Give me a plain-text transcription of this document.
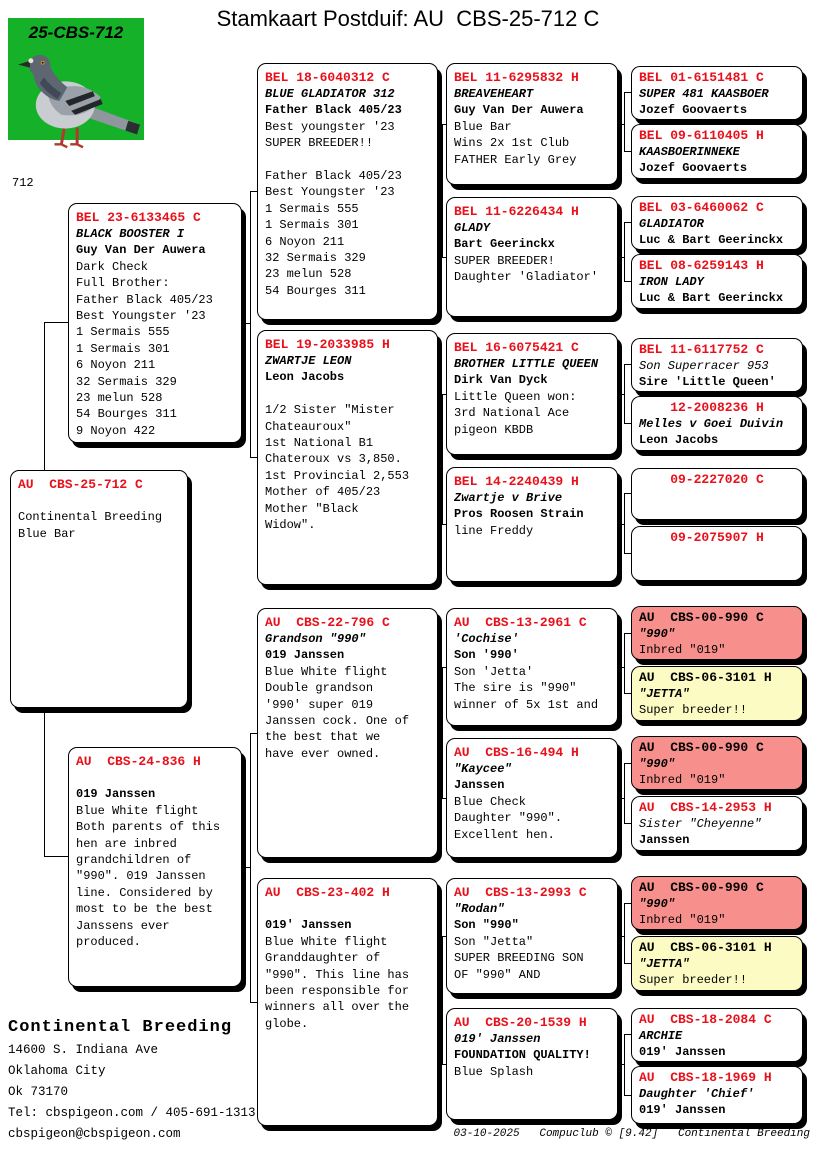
Stamkaart Postduif: AU  CBS-25-712 C
25-CBS-712
712
AU  CBS-25-712 C
Continental Breeding
Blue Bar
BEL 23-6133465 C
BLACK BOOSTER I
Guy Van Der Auwera
Dark Check
Full Brother:
Father Black 405/23
Best Youngster '23
1 Sermais 555
1 Sermais 301
6 Noyon 211
32 Sermais 329
23 melun 528
54 Bourges 311
9 Noyon 422
AU  CBS-24-836 H
019 Janssen
Blue White flight
Both parents of this
hen are inbred
grandchildren of
"990". 019 Janssen
line. Considered by
most to be the best
Janssens ever
produced.
BEL 18-6040312 C
BLUE GLADIATOR 312
Father Black 405/23
Best youngster '23
SUPER BREEDER!!
Father Black 405/23
Best Youngster '23
1 Sermais 555
1 Sermais 301
6 Noyon 211
32 Sermais 329
23 melun 528
54 Bourges 311
BEL 19-2033985 H
ZWARTJE LEON
Leon Jacobs
1/2 Sister "Mister
Chateauroux"
1st National B1
Chateroux vs 3,850.
1st Provincial 2,553
Mother of 405/23
Mother "Black
Widow".
AU  CBS-22-796 C
Grandson "990"
019 Janssen
Blue White flight
Double grandson
'990' super 019
Janssen cock. One of
the best that we
have ever owned.
AU  CBS-23-402 H
019' Janssen
Blue White flight
Granddaughter of
"990". This line has
been responsible for
winners all over the
globe.
BEL 11-6295832 H
BREAVEHEART
Guy Van Der Auwera
Blue Bar
Wins 2x 1st Club
FATHER Early Grey
BEL 11-6226434 H
GLADY
Bart Geerinckx
SUPER BREEDER!
Daughter 'Gladiator'
BEL 16-6075421 C
BROTHER LITTLE QUEEN
Dirk Van Dyck
Little Queen won:
3rd National Ace
pigeon KBDB
BEL 14-2240439 H
Zwartje v Brive
Pros Roosen Strain
line Freddy
AU  CBS-13-2961 C
'Cochise'
Son '990'
Son 'Jetta'
The sire is "990"
winner of 5x 1st and
AU  CBS-16-494 H
"Kaycee"
Janssen
Blue Check
Daughter "990".
Excellent hen.
AU  CBS-13-2993 C
"Rodan"
Son "990"
Son "Jetta"
SUPER BREEDING SON
OF "990" AND
AU  CBS-20-1539 H
019' Janssen
FOUNDATION QUALITY!
Blue Splash
BEL 01-6151481 C
SUPER 481 KAASBOER
Jozef Goovaerts
BEL 09-6110405 H
KAASBOERINNEKE
Jozef Goovaerts
BEL 03-6460062 C
GLADIATOR
Luc & Bart Geerinckx
BEL 08-6259143 H
IRON LADY
Luc & Bart Geerinckx
BEL 11-6117752 C
Son Superracer 953
Sire 'Little Queen'
12-2008236 H
Melles v Goei Duivin
Leon Jacobs
09-2227020 C
09-2075907 H
AU  CBS-00-990 C
"990"
Inbred "019"
AU  CBS-06-3101 H
"JETTA"
Super breeder!!
AU  CBS-00-990 C
"990"
Inbred "019"
AU  CBS-14-2953 H
Sister "Cheyenne"
Janssen
AU  CBS-00-990 C
"990"
Inbred "019"
AU  CBS-06-3101 H
"JETTA"
Super breeder!!
AU  CBS-18-2084 C
ARCHIE
019' Janssen
AU  CBS-18-1969 H
Daughter 'Chief'
019' Janssen
Continental Breeding
14600 S. Indiana Ave
Oklahoma City
Ok 73170
Tel: cbspigeon.com / 405-691-1313
cbspigeon@cbspigeon.com	03-10-2025   Compuclub © [9.42]   Continental Breeding
